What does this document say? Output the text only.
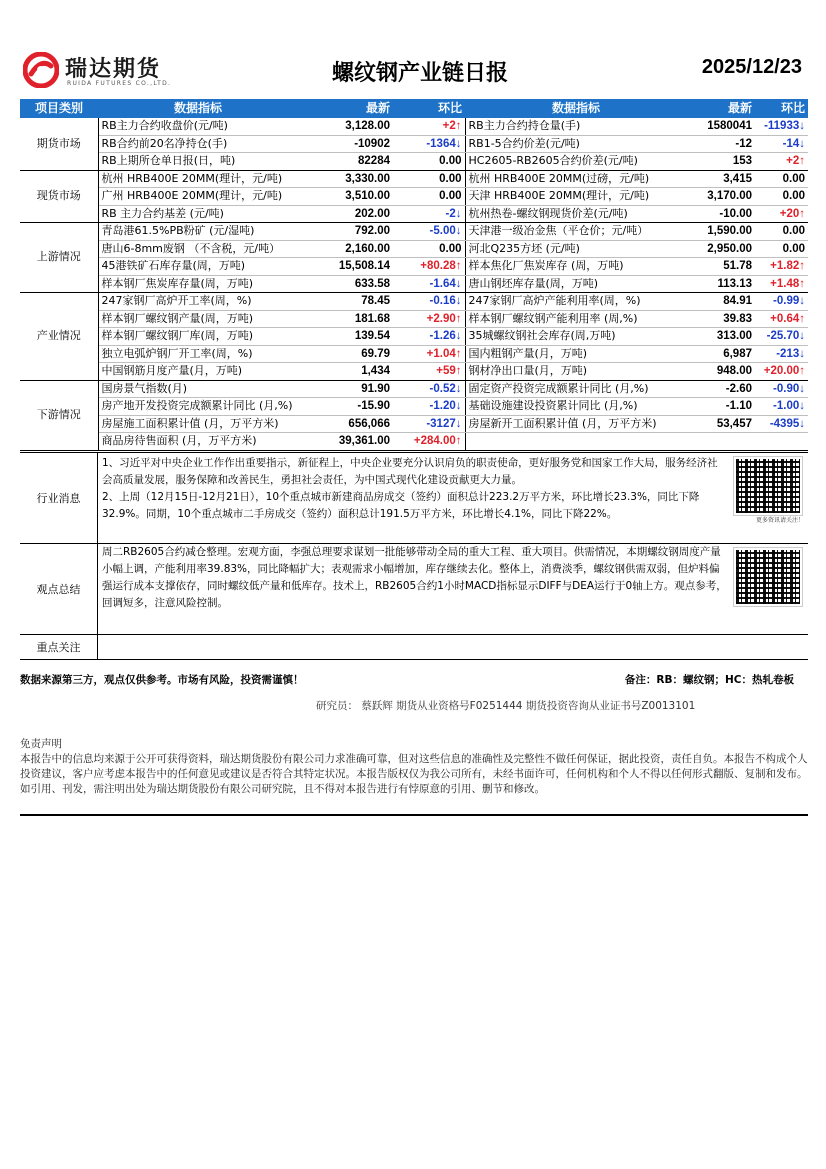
瑞达期货
RUIDA FUTURES CO.,LTD.	螺纹钢产业链日报	2025/12/23
项目类别	数据指标	最新	环比	数据指标	最新	环比
期货市场	RB主力合约收盘价(元/吨)	3,128.00	+2↑	RB主力合约持仓量(手)	1580041	-11933↓
	RB合约前20名净持仓(手)	-10902	-1364↓	RB1-5合约价差(元/吨)	-12	-14↓
	RB上期所仓单日报(日，吨)	82284	0.00	HC2605-RB2605合约价差(元/吨)	153	+2↑
现货市场	杭州 HRB400E 20MM(理计，元/吨)	3,330.00	0.00	杭州 HRB400E 20MM(过磅，元/吨)	3,415	0.00
	广州 HRB400E 20MM(理计，元/吨)	3,510.00	0.00	天津 HRB400E 20MM(理计，元/吨)	3,170.00	0.00
	RB 主力合约基差 (元/吨)	202.00	-2↓	杭州热卷-螺纹钢现货价差(元/吨)	-10.00	+20↑
上游情况	青岛港61.5%PB粉矿 (元/湿吨)	792.00	-5.00↓	天津港一级冶金焦（平仓价；元/吨）	1,590.00	0.00
	唐山6-8mm废钢 （不含税，元/吨）	2,160.00	0.00	河北Q235方坯 (元/吨)	2,950.00	0.00
	45港铁矿石库存量(周，万吨)	15,508.14	+80.28↑	样本焦化厂焦炭库存 (周，万吨)	51.78	+1.82↑
	样本钢厂焦炭库存量(周，万吨)	633.58	-1.64↓	唐山钢坯库存量(周，万吨)	113.13	+1.48↑
产业情况	247家钢厂高炉开工率(周，%)	78.45	-0.16↓	247家钢厂高炉产能利用率(周，%)	84.91	-0.99↓
	样本钢厂螺纹钢产量(周，万吨)	181.68	+2.90↑	样本钢厂螺纹钢产能利用率 (周,%)	39.83	+0.64↑
	样本钢厂螺纹钢厂库(周，万吨)	139.54	-1.26↓	35城螺纹钢社会库存(周,万吨)	313.00	-25.70↓
	独立电弧炉钢厂开工率(周，%)	69.79	+1.04↑	国内粗钢产量(月，万吨)	6,987	-213↓
	中国钢筋月度产量(月，万吨)	1,434	+59↑	钢材净出口量(月，万吨)	948.00	+20.00↑
下游情况	国房景气指数(月)	91.90	-0.52↓	固定资产投资完成额累计同比 (月,%)	-2.60	-0.90↓
	房产地开发投资完成额累计同比 (月,%)	-15.90	-1.20↓	基础设施建设投资累计同比 (月,%)	-1.10	-1.00↓
	房屋施工面积累计值 (月，万平方米)	656,066	-3127↓	房屋新开工面积累计值 (月，万平方米)	53,457	-4395↓
	商品房待售面积 (月，万平方米)	39,361.00	+284.00↑			
行业消息
1、习近平对中央企业工作作出重要指示，新征程上，中央企业要充分认识肩负的职责使命，更好服务党和国家工作大局，服务经济社会高质量发展，服务保障和改善民生，勇担社会责任，为中国式现代化建设贡献更大力量。
2、上周（12月15日-12月21日），10个重点城市新建商品房成交（签约）面积总计223.2万平方米，环比增长23.3%，同比下降32.9%。同期，10个重点城市二手房成交（签约）面积总计191.5万平方米，环比增长4.1%，同比下降22%。
更多资讯请关注！
观点总结
周二RB2605合约减仓整理。宏观方面，李强总理要求谋划一批能够带动全局的重大工程、重大项目。供需情况，本期螺纹钢周度产量小幅上调，产能利用率39.83%，同比降幅扩大；表观需求小幅增加，库存继续去化。整体上，消费淡季，螺纹钢供需双弱，但炉料偏强运行成本支撑依存，同时螺纹低产量和低库存。技术上，RB2605合约1小时MACD指标显示DIFF与DEA运行于0轴上方。观点参考，回调短多，注意风险控制。
重点关注
数据来源第三方，观点仅供参考。市场有风险，投资需谨慎！	备注：RB：螺纹钢；HC：热轧卷板
研究员： 蔡跃辉 期货从业资格号F0251444 期货投资咨询从业证书号Z0013101
免责声明
本报告中的信息均来源于公开可获得资料，瑞达期货股份有限公司力求准确可靠，但对这些信息的准确性及完整性不做任何保证，据此投资，责任自负。本报告不构成个人投资建议，客户应考虑本报告中的任何意见或建议是否符合其特定状况。本报告版权仅为我公司所有，未经书面许可，任何机构和个人不得以任何形式翻版、复制和发布。如引用、刊发，需注明出处为瑞达期货股份有限公司研究院，且不得对本报告进行有悖原意的引用、删节和修改。
